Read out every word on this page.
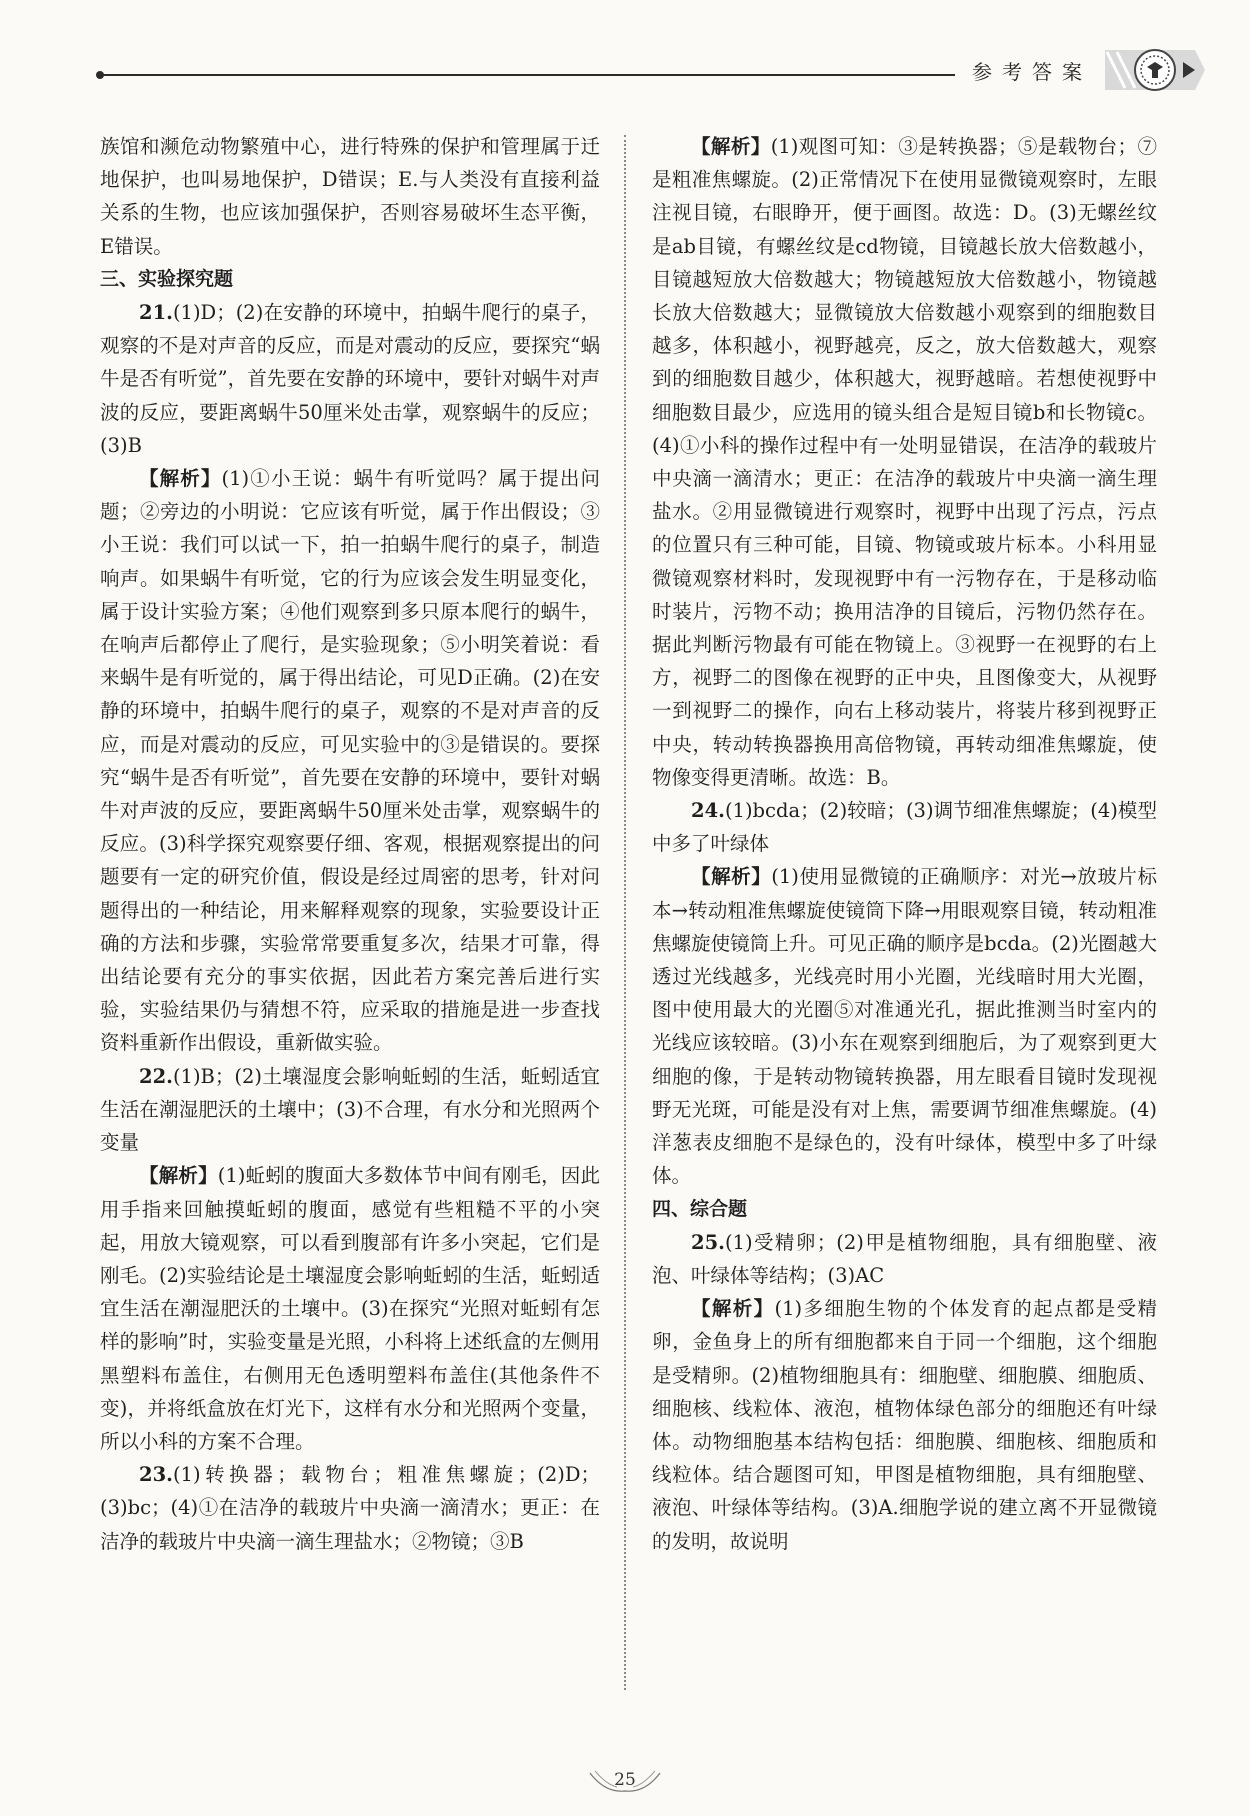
参考答案

族馆和濒危动物繁殖中心，进行特殊的保护和管理属于迁地保护，也叫易地保护，D错误；E.与人类没有直接利益关系的生物，也应该加强保护，否则容易破坏生态平衡，E错误。

三、实验探究题

21.(1)D；(2)在安静的环境中，拍蜗牛爬行的桌子，观察的不是对声音的反应，而是对震动的反应，要探究“蜗牛是否有听觉”，首先要在安静的环境中，要针对蜗牛对声波的反应，要距离蜗牛50厘米处击掌，观察蜗牛的反应；(3)B

【解析】(1)①小王说：蜗牛有听觉吗？属于提出问题；②旁边的小明说：它应该有听觉，属于作出假设；③小王说：我们可以试一下，拍一拍蜗牛爬行的桌子，制造响声。如果蜗牛有听觉，它的行为应该会发生明显变化，属于设计实验方案；④他们观察到多只原本爬行的蜗牛，在响声后都停止了爬行，是实验现象；⑤小明笑着说：看来蜗牛是有听觉的，属于得出结论，可见D正确。(2)在安静的环境中，拍蜗牛爬行的桌子，观察的不是对声音的反应，而是对震动的反应，可见实验中的③是错误的。要探究“蜗牛是否有听觉”，首先要在安静的环境中，要针对蜗牛对声波的反应，要距离蜗牛50厘米处击掌，观察蜗牛的反应。(3)科学探究观察要仔细、客观，根据观察提出的问题要有一定的研究价值，假设是经过周密的思考，针对问题得出的一种结论，用来解释观察的现象，实验要设计正确的方法和步骤，实验常常要重复多次，结果才可靠，得出结论要有充分的事实依据，因此若方案完善后进行实验，实验结果仍与猜想不符，应采取的措施是进一步查找资料重新作出假设，重新做实验。

22.(1)B；(2)土壤湿度会影响蚯蚓的生活，蚯蚓适宜生活在潮湿肥沃的土壤中；(3)不合理，有水分和光照两个变量

【解析】(1)蚯蚓的腹面大多数体节中间有刚毛，因此用手指来回触摸蚯蚓的腹面，感觉有些粗糙不平的小突起，用放大镜观察，可以看到腹部有许多小突起，它们是刚毛。(2)实验结论是土壤湿度会影响蚯蚓的生活，蚯蚓适宜生活在潮湿肥沃的土壤中。(3)在探究“光照对蚯蚓有怎样的影响”时，实验变量是光照，小科将上述纸盒的左侧用黑塑料布盖住，右侧用无色透明塑料布盖住(其他条件不变)，并将纸盒放在灯光下，这样有水分和光照两个变量，所以小科的方案不合理。

23.(1)转换器；载物台；粗准焦螺旋；(2)D；(3)bc；(4)①在洁净的载玻片中央滴一滴清水；更正：在洁净的载玻片中央滴一滴生理盐水；②物镜；③B

【解析】(1)观图可知：③是转换器；⑤是载物台；⑦是粗准焦螺旋。(2)正常情况下在使用显微镜观察时，左眼注视目镜，右眼睁开，便于画图。故选：D。(3)无螺丝纹是ab目镜，有螺丝纹是cd物镜，目镜越长放大倍数越小，目镜越短放大倍数越大；物镜越短放大倍数越小，物镜越长放大倍数越大；显微镜放大倍数越小观察到的细胞数目越多，体积越小，视野越亮，反之，放大倍数越大，观察到的细胞数目越少，体积越大，视野越暗。若想使视野中细胞数目最少，应选用的镜头组合是短目镜b和长物镜c。(4)①小科的操作过程中有一处明显错误，在洁净的载玻片中央滴一滴清水；更正：在洁净的载玻片中央滴一滴生理盐水。②用显微镜进行观察时，视野中出现了污点，污点的位置只有三种可能，目镜、物镜或玻片标本。小科用显微镜观察材料时，发现视野中有一污物存在，于是移动临时装片，污物不动；换用洁净的目镜后，污物仍然存在。据此判断污物最有可能在物镜上。③视野一在视野的右上方，视野二的图像在视野的正中央，且图像变大，从视野一到视野二的操作，向右上移动装片，将装片移到视野正中央，转动转换器换用高倍物镜，再转动细准焦螺旋，使物像变得更清晰。故选：B。

24.(1)bcda；(2)较暗；(3)调节细准焦螺旋；(4)模型中多了叶绿体

【解析】(1)使用显微镜的正确顺序：对光→放玻片标本→转动粗准焦螺旋使镜筒下降→用眼观察目镜，转动粗准焦螺旋使镜筒上升。可见正确的顺序是bcda。(2)光圈越大透过光线越多，光线亮时用小光圈，光线暗时用大光圈，图中使用最大的光圈⑤对准通光孔，据此推测当时室内的光线应该较暗。(3)小东在观察到细胞后，为了观察到更大细胞的像，于是转动物镜转换器，用左眼看目镜时发现视野无光斑，可能是没有对上焦，需要调节细准焦螺旋。(4)洋葱表皮细胞不是绿色的，没有叶绿体，模型中多了叶绿体。

四、综合题

25.(1)受精卵；(2)甲是植物细胞，具有细胞壁、液泡、叶绿体等结构；(3)AC

【解析】(1)多细胞生物的个体发育的起点都是受精卵，金鱼身上的所有细胞都来自于同一个细胞，这个细胞是受精卵。(2)植物细胞具有：细胞壁、细胞膜、细胞质、细胞核、线粒体、液泡，植物体绿色部分的细胞还有叶绿体。动物细胞基本结构包括：细胞膜、细胞核、细胞质和线粒体。结合题图可知，甲图是植物细胞，具有细胞壁、液泡、叶绿体等结构。(3)A.细胞学说的建立离不开显微镜的发明，故说明

25
